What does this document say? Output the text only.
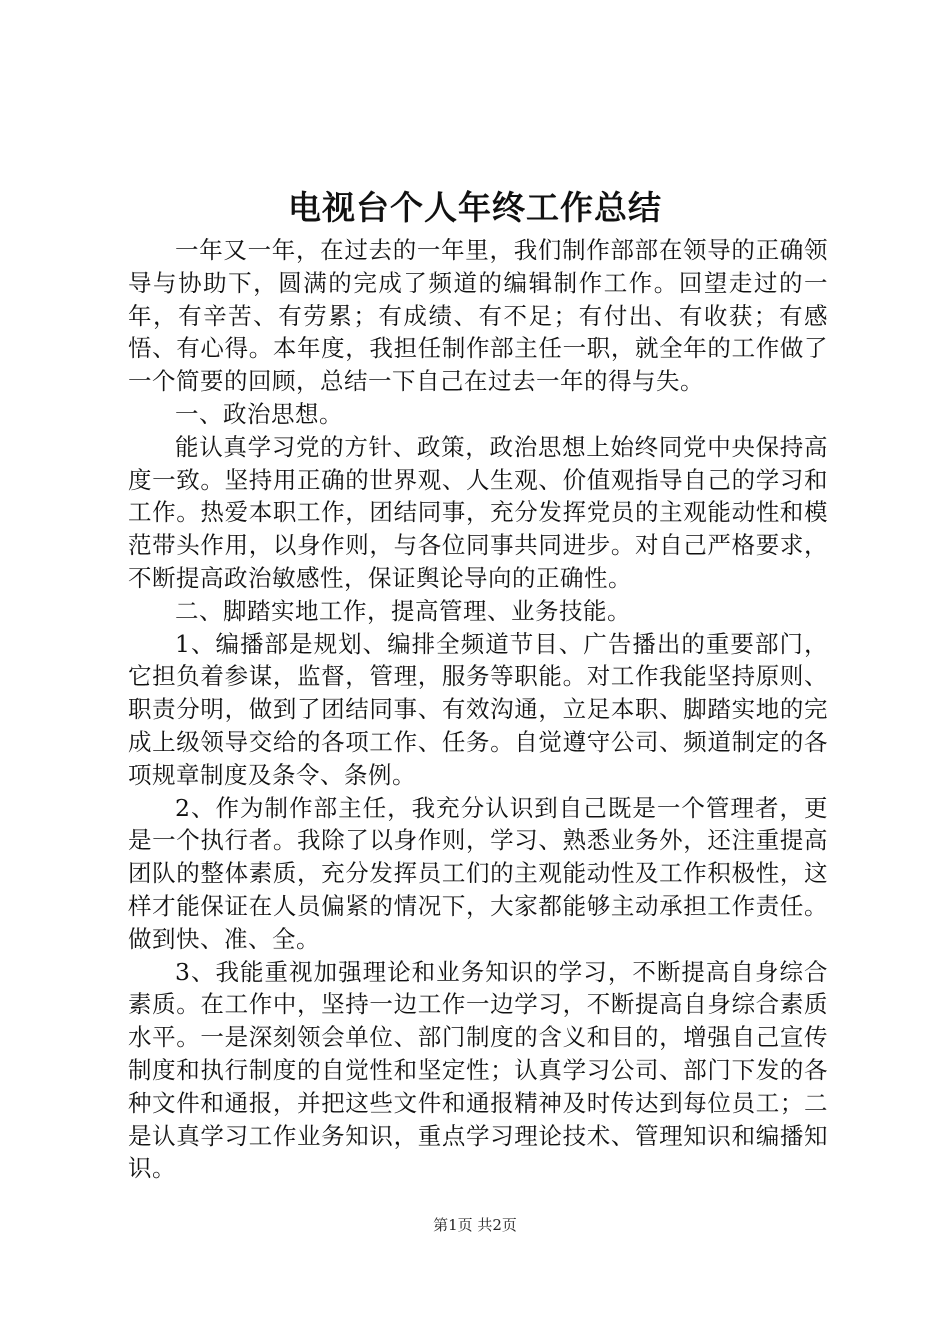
电视台个人年终工作总结

一年又一年，在过去的一年里，我们制作部部在领导的正确领导与协助下，圆满的完成了频道的编辑制作工作。回望走过的一年，有辛苦、有劳累；有成绩、有不足；有付出、有收获；有感悟、有心得。本年度，我担任制作部主任一职，就全年的工作做了一个简要的回顾，总结一下自己在过去一年的得与失。

一、政治思想。

能认真学习党的方针、政策，政治思想上始终同党中央保持高度一致。坚持用正确的世界观、人生观、价值观指导自己的学习和工作。热爱本职工作，团结同事，充分发挥党员的主观能动性和模范带头作用，以身作则，与各位同事共同进步。对自己严格要求，不断提高政治敏感性，保证舆论导向的正确性。

二、脚踏实地工作，提高管理、业务技能。

1、编播部是规划、编排全频道节目、广告播出的重要部门，它担负着参谋，监督，管理，服务等职能。对工作我能坚持原则、职责分明，做到了团结同事、有效沟通，立足本职、脚踏实地的完成上级领导交给的各项工作、任务。自觉遵守公司、频道制定的各项规章制度及条令、条例。

2、作为制作部主任，我充分认识到自己既是一个管理者，更是一个执行者。我除了以身作则，学习、熟悉业务外，还注重提高团队的整体素质，充分发挥员工们的主观能动性及工作积极性，这样才能保证在人员偏紧的情况下，大家都能够主动承担工作责任。做到快、准、全。

3、我能重视加强理论和业务知识的学习，不断提高自身综合素质。在工作中，坚持一边工作一边学习，不断提高自身综合素质水平。一是深刻领会单位、部门制度的含义和目的，增强自己宣传制度和执行制度的自觉性和坚定性；认真学习公司、部门下发的各种文件和通报，并把这些文件和通报精神及时传达到每位员工；二是认真学习工作业务知识，重点学习理论技术、管理知识和编播知识。

第1页 共2页
